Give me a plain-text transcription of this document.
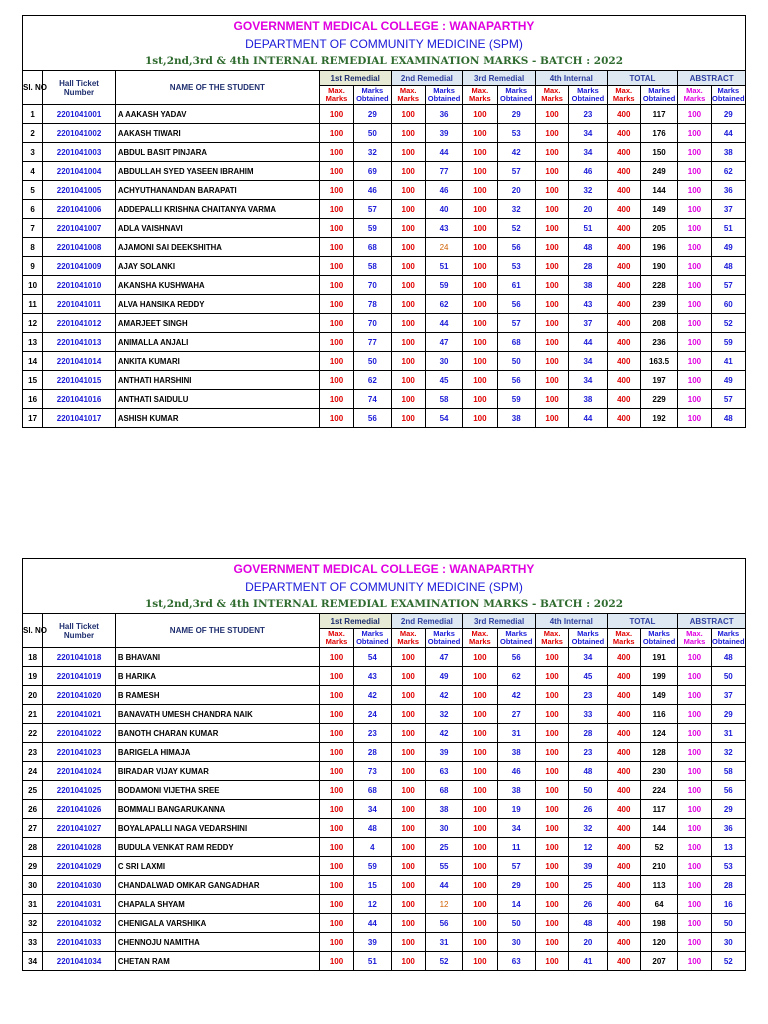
GOVERNMENT MEDICAL COLLEGE : WANAPARTHY
DEPARTMENT OF COMMUNITY MEDICINE (SPM)
1st,2nd,3rd & 4th INTERNAL REMEDIAL EXAMINATION MARKS - BATCH : 2022
Sl. NO	Hall Ticket Number	NAME OF THE STUDENT	1st Remedial		2nd Remedial		3rd Remedial		4th Internal		TOTAL		ABSTRACT	
			Max. Marks	Marks Obtained	Max. Marks	Marks Obtained	Max. Marks	Marks Obtained	Max. Marks	Marks Obtained	Max. Marks	Marks Obtained	Max. Marks	Marks Obtained
1	2201041001	A AAKASH YADAV	100	29	100	36	100	29	100	23	400	117	100	29
2	2201041002	AAKASH TIWARI	100	50	100	39	100	53	100	34	400	176	100	44
3	2201041003	ABDUL BASIT PINJARA	100	32	100	44	100	42	100	34	400	150	100	38
4	2201041004	ABDULLAH SYED YASEEN IBRAHIM	100	69	100	77	100	57	100	46	400	249	100	62
5	2201041005	ACHYUTHANANDAN BARAPATI	100	46	100	46	100	20	100	32	400	144	100	36
6	2201041006	ADDEPALLI KRISHNA CHAITANYA VARMA	100	57	100	40	100	32	100	20	400	149	100	37
7	2201041007	ADLA VAISHNAVI	100	59	100	43	100	52	100	51	400	205	100	51
8	2201041008	AJAMONI SAI DEEKSHITHA	100	68	100	24	100	56	100	48	400	196	100	49
9	2201041009	AJAY SOLANKI	100	58	100	51	100	53	100	28	400	190	100	48
10	2201041010	AKANSHA KUSHWAHA	100	70	100	59	100	61	100	38	400	228	100	57
11	2201041011	ALVA HANSIKA REDDY	100	78	100	62	100	56	100	43	400	239	100	60
12	2201041012	AMARJEET SINGH	100	70	100	44	100	57	100	37	400	208	100	52
13	2201041013	ANIMALLA ANJALI	100	77	100	47	100	68	100	44	400	236	100	59
14	2201041014	ANKITA KUMARI	100	50	100	30	100	50	100	34	400	163.5	100	41
15	2201041015	ANTHATI HARSHINI	100	62	100	45	100	56	100	34	400	197	100	49
16	2201041016	ANTHATI SAIDULU	100	74	100	58	100	59	100	38	400	229	100	57
17	2201041017	ASHISH KUMAR	100	56	100	54	100	38	100	44	400	192	100	48
GOVERNMENT MEDICAL COLLEGE : WANAPARTHY
DEPARTMENT OF COMMUNITY MEDICINE (SPM)
1st,2nd,3rd & 4th INTERNAL REMEDIAL EXAMINATION MARKS - BATCH : 2022
Sl. NO	Hall Ticket Number	NAME OF THE STUDENT	1st Remedial		2nd Remedial		3rd Remedial		4th Internal		TOTAL		ABSTRACT	
			Max. Marks	Marks Obtained	Max. Marks	Marks Obtained	Max. Marks	Marks Obtained	Max. Marks	Marks Obtained	Max. Marks	Marks Obtained	Max. Marks	Marks Obtained
18	2201041018	B BHAVANI	100	54	100	47	100	56	100	34	400	191	100	48
19	2201041019	B HARIKA	100	43	100	49	100	62	100	45	400	199	100	50
20	2201041020	B RAMESH	100	42	100	42	100	42	100	23	400	149	100	37
21	2201041021	BANAVATH UMESH CHANDRA NAIK	100	24	100	32	100	27	100	33	400	116	100	29
22	2201041022	BANOTH CHARAN KUMAR	100	23	100	42	100	31	100	28	400	124	100	31
23	2201041023	BARIGELA HIMAJA	100	28	100	39	100	38	100	23	400	128	100	32
24	2201041024	BIRADAR VIJAY KUMAR	100	73	100	63	100	46	100	48	400	230	100	58
25	2201041025	BODAMONI VIJETHA SREE	100	68	100	68	100	38	100	50	400	224	100	56
26	2201041026	BOMMALI BANGARUKANNA	100	34	100	38	100	19	100	26	400	117	100	29
27	2201041027	BOYALAPALLI NAGA VEDARSHINI	100	48	100	30	100	34	100	32	400	144	100	36
28	2201041028	BUDULA VENKAT RAM REDDY	100	4	100	25	100	11	100	12	400	52	100	13
29	2201041029	C SRI LAXMI	100	59	100	55	100	57	100	39	400	210	100	53
30	2201041030	CHANDALWAD OMKAR GANGADHAR	100	15	100	44	100	29	100	25	400	113	100	28
31	2201041031	CHAPALA SHYAM	100	12	100	12	100	14	100	26	400	64	100	16
32	2201041032	CHENIGALA VARSHIKA	100	44	100	56	100	50	100	48	400	198	100	50
33	2201041033	CHENNOJU NAMITHA	100	39	100	31	100	30	100	20	400	120	100	30
34	2201041034	CHETAN RAM	100	51	100	52	100	63	100	41	400	207	100	52
